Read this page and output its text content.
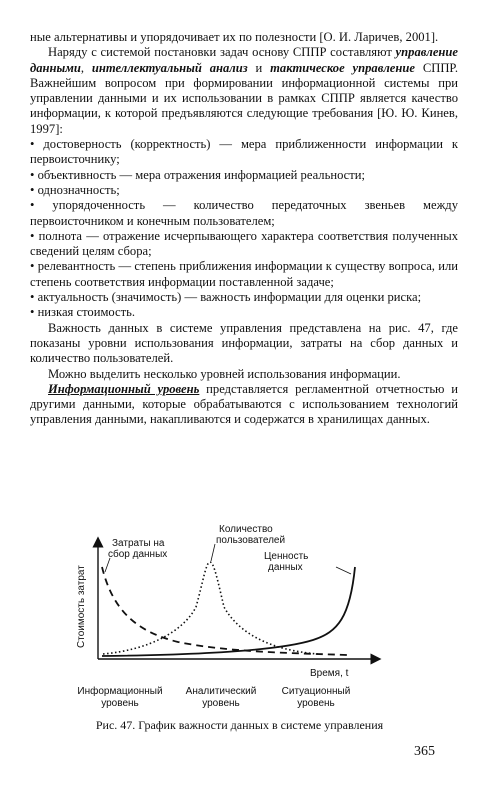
ные альтернативы и упорядочивает их по полезности [О. И. Ларичев, 2001].

Наряду с системой постановки задач основу СППР составляют управление данными, интеллектуальный анализ и тактическое управление СППР. Важнейшим вопросом при формировании информационной системы при управлении данными и их использовании в рамках СППР является качество информации, к которой предъявляются следующие требования [Ю. Ю. Кинев, 1997]:

• достоверность (корректность) — мера приближенности информации к первоисточнику;

• объективность — мера отражения информацией реальности;

• однозначность;

• упорядоченность — количество передаточных звеньев между первоисточником и конечным пользователем;

• полнота — отражение исчерпывающего характера соответствия полученных сведений целям сбора;

• релевантность — степень приближения информации к существу вопроса, или степень соответствия информации поставленной задаче;

• актуальность (значимость) — важность информации для оценки риска;

• низкая стоимость.

Важность данных в системе управления представлена на рис. 47, где показаны уровни использования информации, затраты на сбор данных и количество пользователей.

Можно выделить несколько уровней использования информации.

Информационный уровень представляется регламентной отчетностью и другими данными, которые обрабатываются с использованием технологий управления данными, накапливаются и содержатся в хранилищах данных.

Затраты на
сбор данных
Количество
пользователей
Ценность
данных
Стоимость затрат
Время, t
Информационный
уровень
Аналитический
уровень
Ситуационный
уровень
Рис. 47. График важности данных в системе управления
365
